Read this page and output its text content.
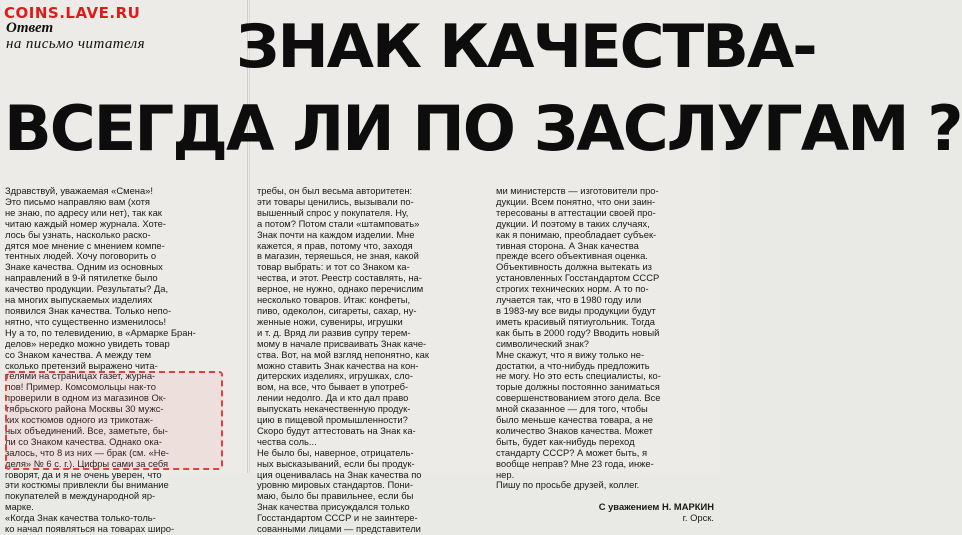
COINS.LAVE.RU
Ответ
на письмо читателя ЗНАК КАЧЕСТВА-
ВСЕГДА ЛИ ПО ЗАСЛУГАМ ?
Здравствуй, уважаемая «Смена»!
Это письмо направляю вам (хотя
не знаю, по адресу или нет), так как
читаю каждый номер журнала. Хоте-
лось бы узнать, насколько раско-
дятся мое мнение с мнением компе-
тентных людей. Хочу поговорить о
Знаке качества. Одним из основных
направлений в 9-й пятилетке было
качество продукции. Результаты? Да,
на многих выпускаемых изделиях
появился Знак качества. Только непо-
нятно, что существенно изменилось!
Ну а то, по телевидению, в «Армарке Бран-
делов» нередко можно увидеть товар
со Знаком качества. А между тем
сколько претензий выражено чита-
телями на страницах газет, журна-
лов! Пример. Комсомольцы нак-то
проверили в одном из магазинов Ок-
тябрьского района Москвы 30 мужс-
ких костюмов одного из трикотаж-
ных объединений. Все, заметьте, бы-
ли со Знаком качества. Однако ока-
залось, что 8 из них — брак (см. «Не-
деля» № 6 с. г.). Цифры сами за себя
говорят, да и я не очень уверен, что
эти костюмы привлекли бы внимание
покупателей в международной яр-
марке.
«Когда Знак качества только-толь-
ко начал появляться на товарах широ-
требы, он был весьма авторитетен:
эти товары ценились, вызывали по-
вышенный спрос у покупателя. Ну,
а потом? Потом стали «штамповать»
Знак почти на каждом изделии. Мне
кажется, я прав, потому что, заходя
в магазин, теряешься, не зная, какой
товар выбрать: и тот со Знаком ка-
чества, и этот. Реестр составлять, на-
верное, не нужно, однако перечислим
несколько товаров. Итак: конфеты,
пиво, одеколон, сигареты, сахар, ну-
женные ножи, сувениры, игрушки
и т. д. Вряд ли развив супру терем-
мому в начале присваивать Знак каче-
ства. Вот, на мой взгляд непонятно, как
можно ставить Знак качества на кон-
дитерских изделиях, игрушках, сло-
вом, на все, что бывает в употреб-
лении недолго. Да и кто дал право
выпускать некачественную продук-
цию в пищевой промышленности?
Скоро будут аттестовать на Знак ка-
чества соль...
Не было бы, наверное, отрицатель-
ных высказываний, если бы продук-
ция оценивалась на Знак качества по
уровню мировых стандартов. Пони-
маю, было бы правильнее, если бы
Знак качества присуждался только
Госстандартом СССР и не заинтере-
сованными лицами — представители
ми министерств — изготовители про-
дукции. Всем понятно, что они заин-
тересованы в аттестации своей про-
дукции. И поэтому в таких случаях,
как я понимаю, преобладает субъек-
тивная сторона. А Знак качества
прежде всего объективная оценка.
Объективность должна вытекать из
установленных Госстандартом СССР
строгих технических норм. А то по-
лучается так, что в 1980 году или
в 1983-му все виды продукции будут
иметь красивый пятиугольник. Тогда
как быть в 2000 году? Вводить новый
символический знак?
Мне скажут, что я вижу только не-
достатки, а что-нибудь предложить
не могу. Но это есть специалисты, ко-
торые должны постоянно заниматься
совершенствованием этого дела. Все
мной сказанное — для того, чтобы
было меньше качества товара, а не
количество Знаков качества. Может
быть, будет как-нибудь переход
стандарту СССР? А может быть, я
вообще неправ? Мне 23 года, инже-
нер.
Пишу по просьбе друзей, коллег.

С уважением Н. МАРКИН
г. Орск.
